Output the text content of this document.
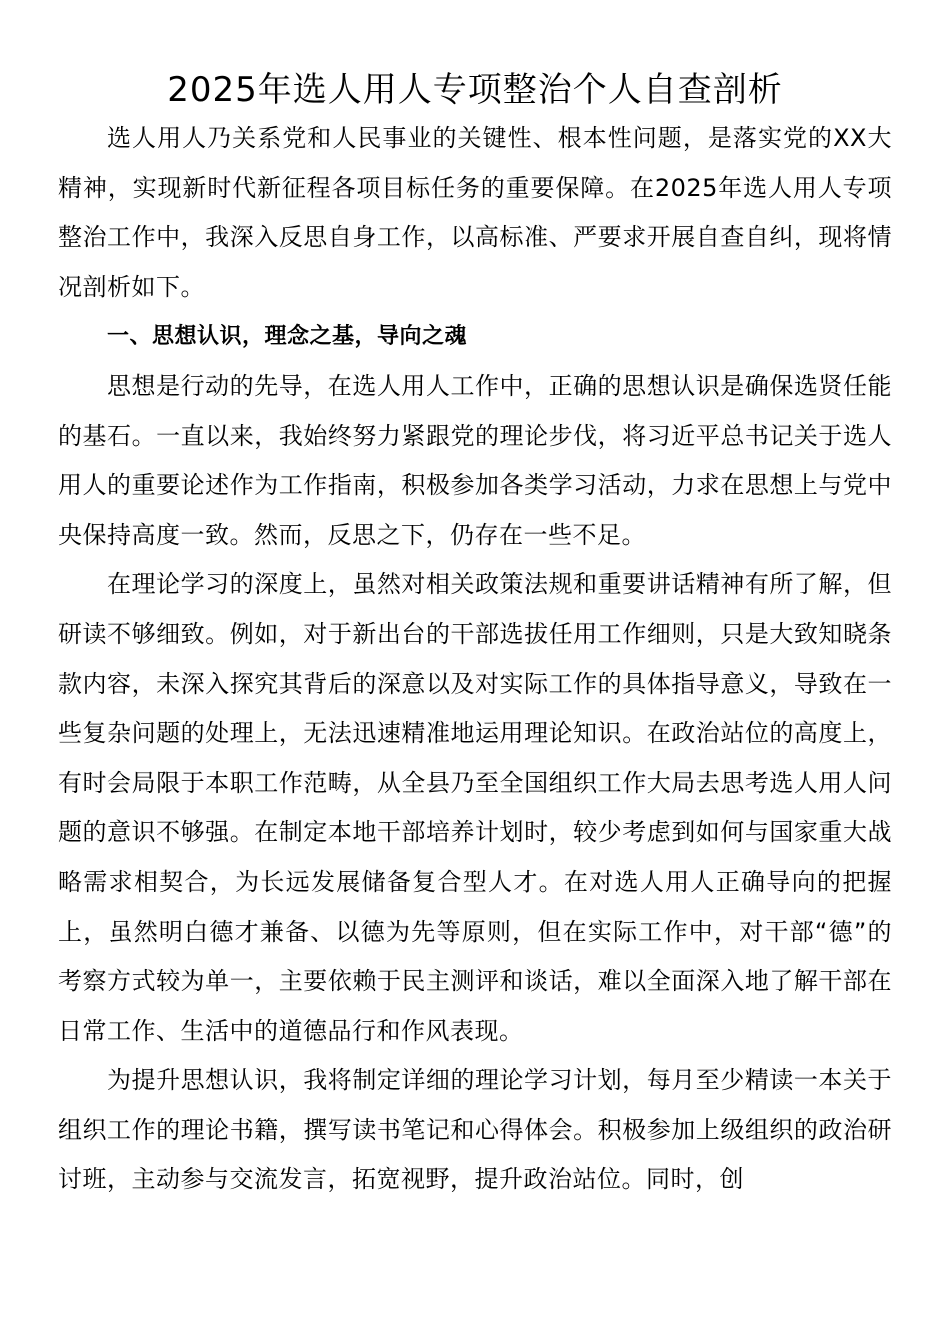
2025年选人用人专项整治个人自查剖析

选人用人乃关系党和人民事业的关键性、根本性问题，是落实党的XX大精神，实现新时代新征程各项目标任务的重要保障。在2025年选人用人专项整治工作中，我深入反思自身工作，以高标准、严要求开展自查自纠，现将情况剖析如下。

一、思想认识，理念之基，导向之魂

思想是行动的先导，在选人用人工作中，正确的思想认识是确保选贤任能的基石。一直以来，我始终努力紧跟党的理论步伐，将习近平总书记关于选人用人的重要论述作为工作指南，积极参加各类学习活动，力求在思想上与党中央保持高度一致。然而，反思之下，仍存在一些不足。

在理论学习的深度上，虽然对相关政策法规和重要讲话精神有所了解，但研读不够细致。例如，对于新出台的干部选拔任用工作细则，只是大致知晓条款内容，未深入探究其背后的深意以及对实际工作的具体指导意义，导致在一些复杂问题的处理上，无法迅速精准地运用理论知识。在政治站位的高度上，有时会局限于本职工作范畴，从全县乃至全国组织工作大局去思考选人用人问题的意识不够强。在制定本地干部培养计划时，较少考虑到如何与国家重大战略需求相契合，为长远发展储备复合型人才。在对选人用人正确导向的把握上，虽然明白德才兼备、以德为先等原则，但在实际工作中，对干部“德”的考察方式较为单一，主要依赖于民主测评和谈话，难以全面深入地了解干部在日常工作、生活中的道德品行和作风表现。

为提升思想认识，我将制定详细的理论学习计划，每月至少精读一本关于组织工作的理论书籍，撰写读书笔记和心得体会。积极参加上级组织的政治研讨班，主动参与交流发言，拓宽视野，提升政治站位。同时，创
